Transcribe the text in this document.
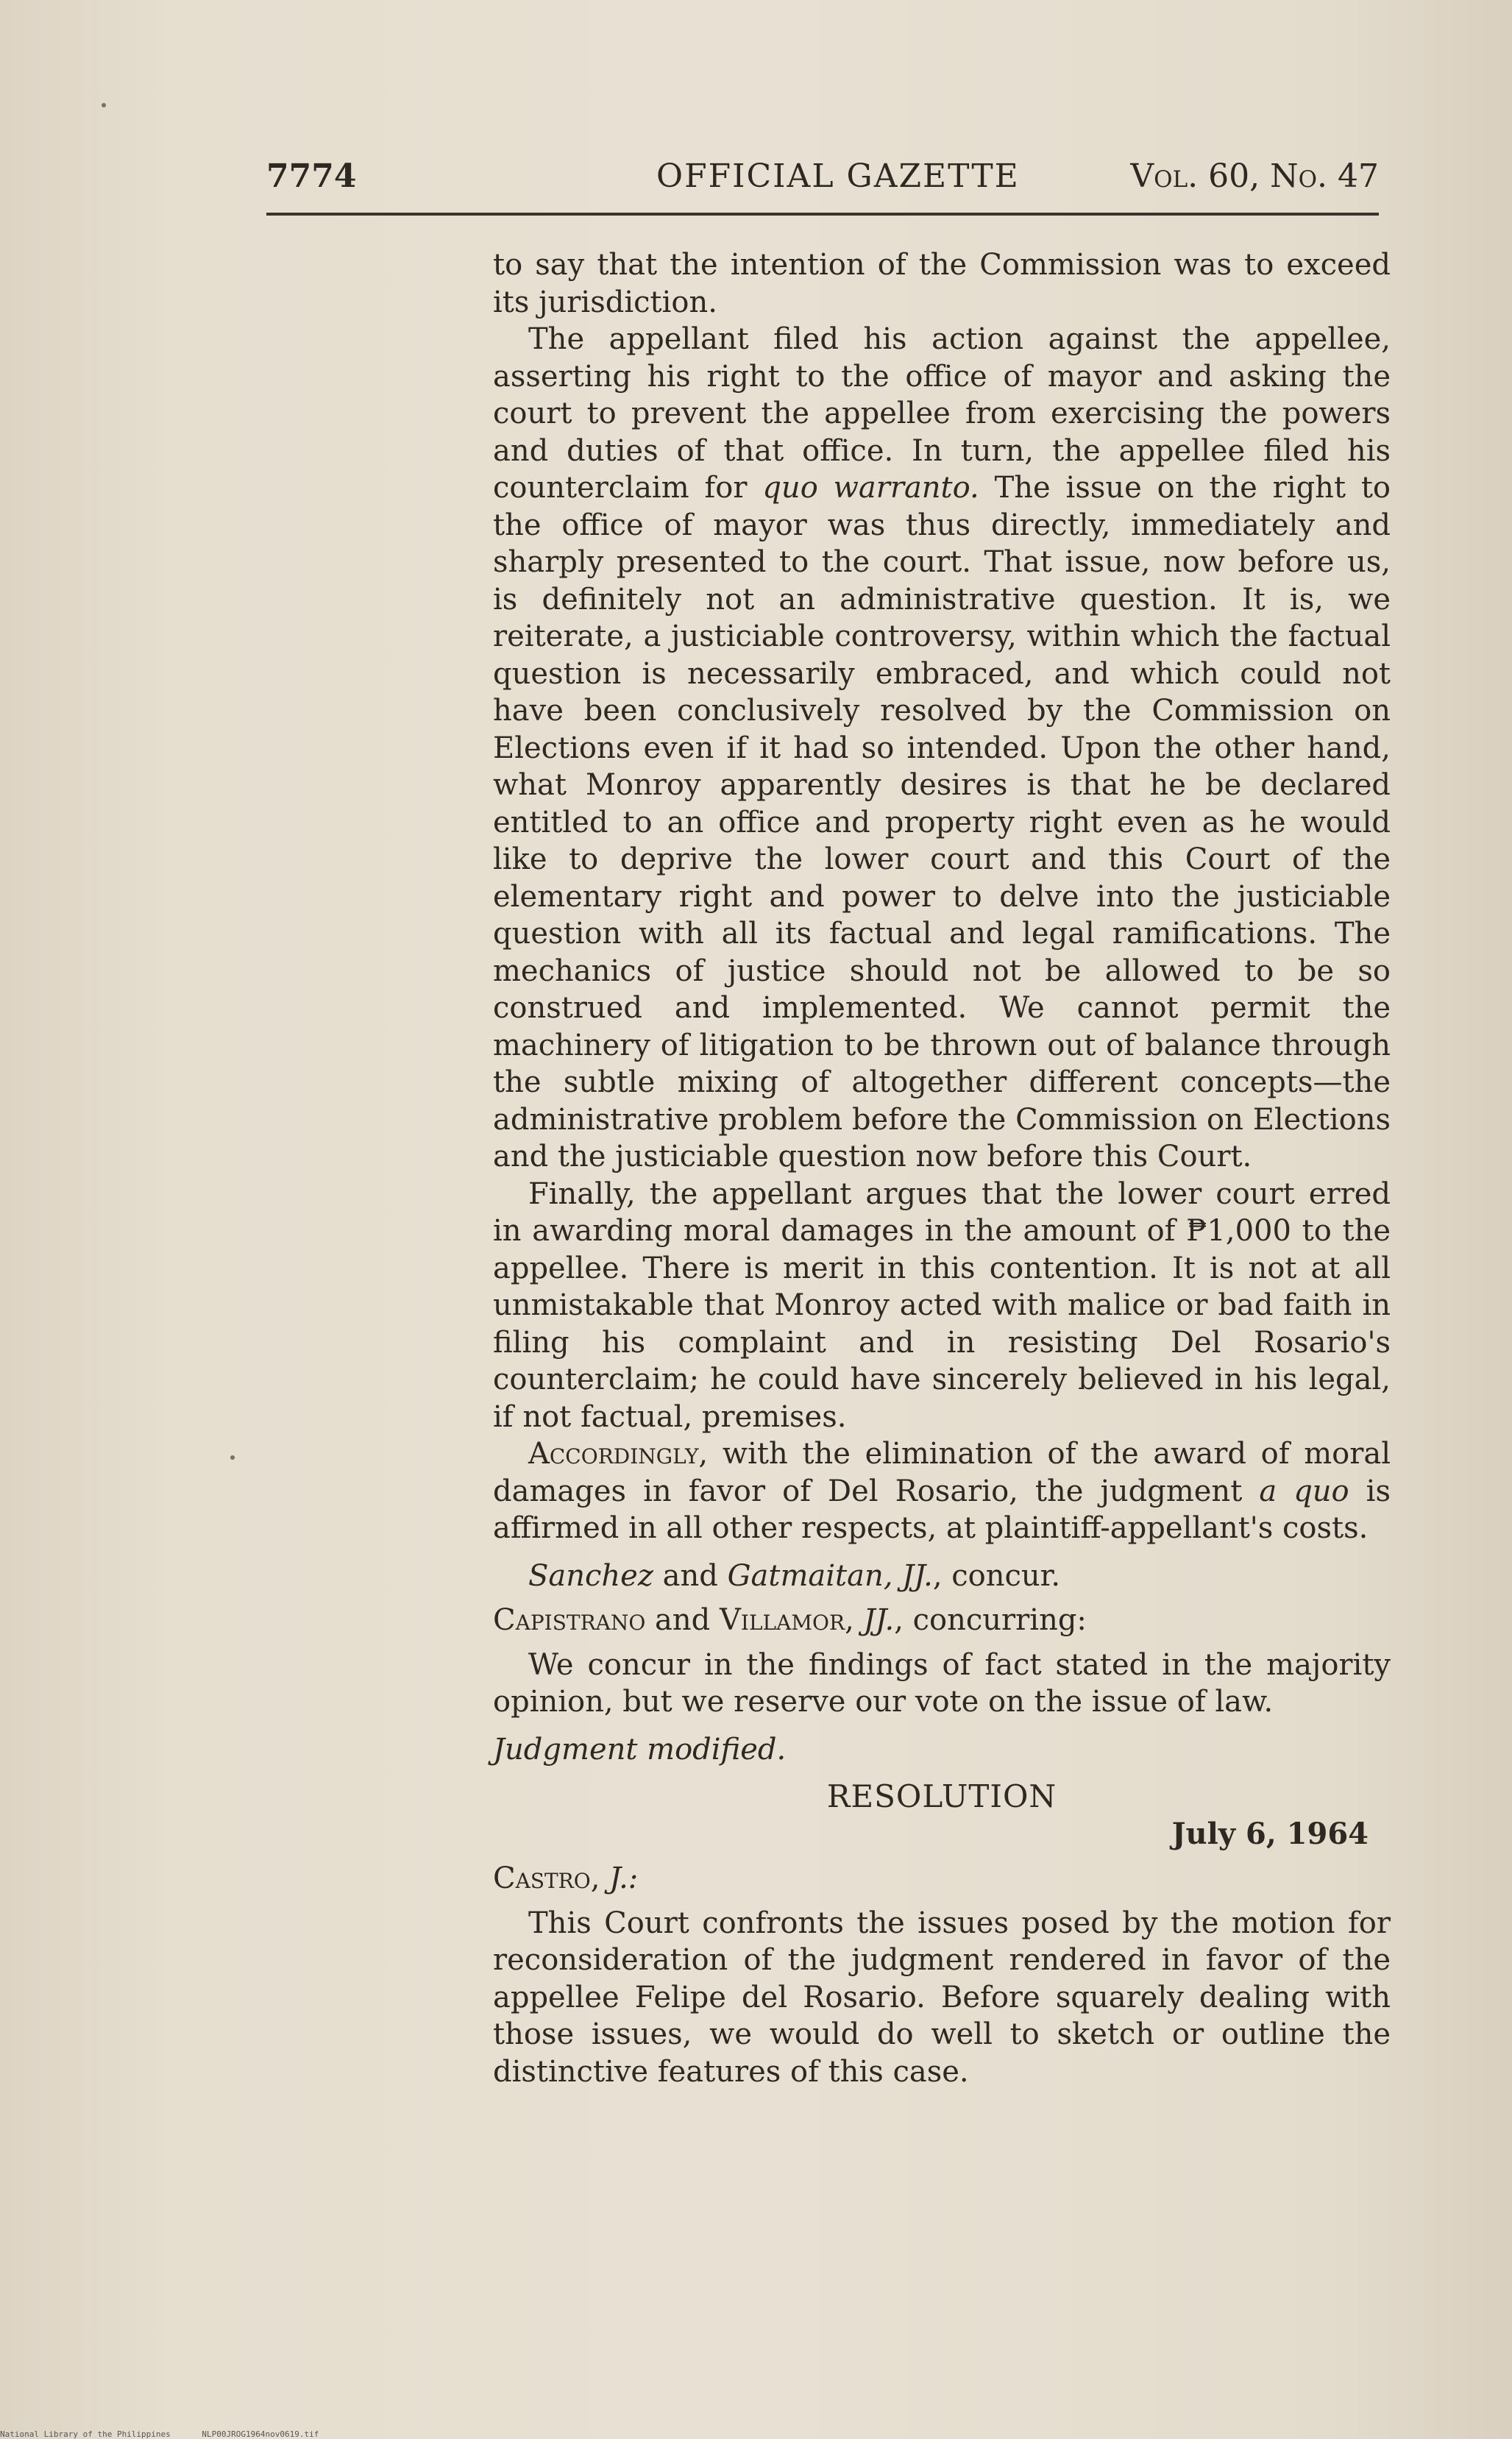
7774	OFFICIAL GAZETTE	Vol. 60, No. 47

to say that the intention of the Commission was to exceed its jurisdiction.

The appellant filed his action against the appellee, asserting his right to the office of mayor and asking the court to prevent the appellee from exercising the powers and duties of that office. In turn, the appellee filed his counterclaim for quo warranto. The issue on the right to the office of mayor was thus directly, immediately and sharply presented to the court. That issue, now before us, is definitely not an administrative question. It is, we reiterate, a justiciable controversy, within which the factual question is necessarily embraced, and which could not have been conclusively resolved by the Commission on Elections even if it had so intended. Upon the other hand, what Monroy apparently desires is that he be declared entitled to an office and property right even as he would like to deprive the lower court and this Court of the elementary right and power to delve into the justiciable question with all its factual and legal ramifications. The mechanics of justice should not be allowed to be so construed and implemented. We cannot permit the machinery of litigation to be thrown out of balance through the subtle mixing of altogether different concepts—the administrative problem before the Commission on Elections and the justiciable question now before this Court.

Finally, the appellant argues that the lower court erred in awarding moral damages in the amount of ₱1,000 to the appellee. There is merit in this contention. It is not at all unmistakable that Monroy acted with malice or bad faith in filing his complaint and in resisting Del Rosario's counterclaim; he could have sincerely believed in his legal, if not factual, premises.

Accordingly, with the elimination of the award of moral damages in favor of Del Rosario, the judgment a quo is affirmed in all other respects, at plaintiff-appellant's costs.

Sanchez and Gatmaitan, JJ., concur.

Capistrano and Villamor, JJ., concurring:

We concur in the findings of fact stated in the majority opinion, but we reserve our vote on the issue of law.

Judgment modified.

RESOLUTION

July 6, 1964

Castro, J.:

This Court confronts the issues posed by the motion for reconsideration of the judgment rendered in favor of the appellee Felipe del Rosario. Before squarely dealing with those issues, we would do well to sketch or outline the distinctive features of this case.

National Library of the Philippines	NLP00JROG1964nov0619.tif
